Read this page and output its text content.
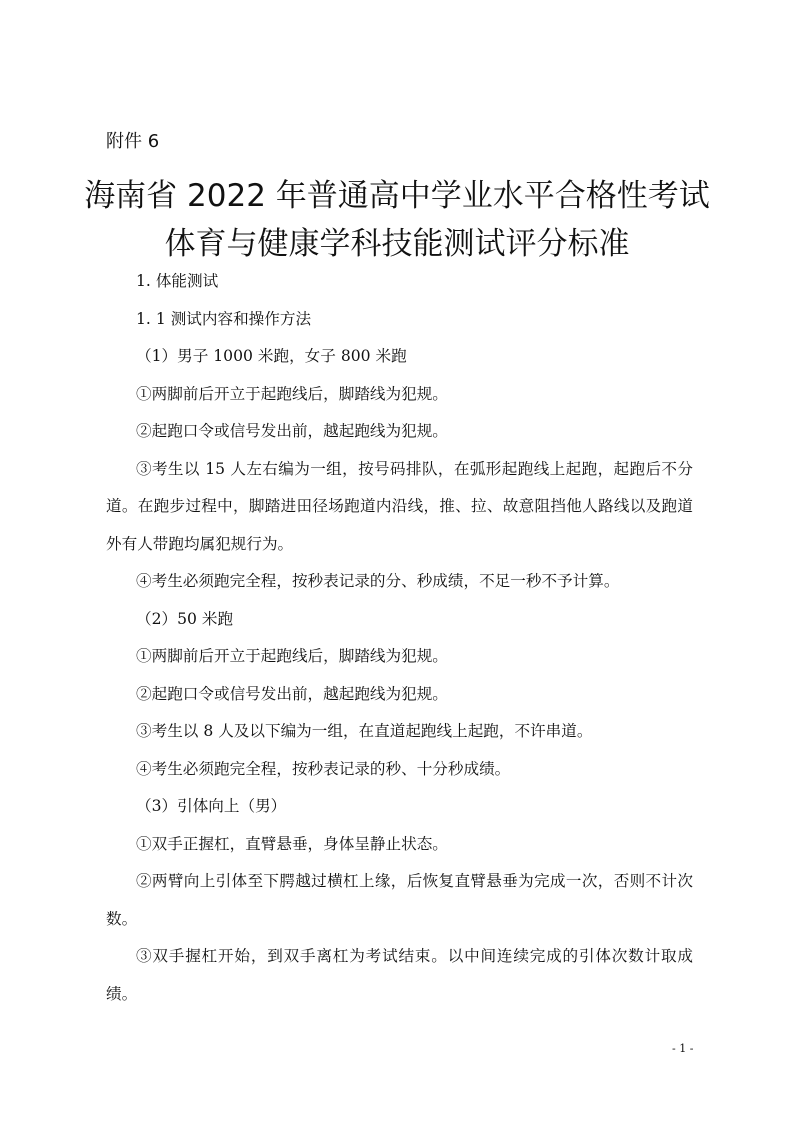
附件 6
海南省 2022 年普通高中学业水平合格性考试
体育与健康学科技能测试评分标准

1. 体能测试

1. 1 测试内容和操作方法

（1）男子 1000 米跑，女子 800 米跑

①两脚前后开立于起跑线后，脚踏线为犯规。

②起跑口令或信号发出前，越起跑线为犯规。

③考生以 15 人左右编为一组，按号码排队，在弧形起跑线上起跑，起跑后不分道。在跑步过程中，脚踏进田径场跑道内沿线，推、拉、故意阻挡他人路线以及跑道外有人带跑均属犯规行为。

④考生必须跑完全程，按秒表记录的分、秒成绩，不足一秒不予计算。

（2）50 米跑

①两脚前后开立于起跑线后，脚踏线为犯规。

②起跑口令或信号发出前，越起跑线为犯规。

③考生以 8 人及以下编为一组，在直道起跑线上起跑，不许串道。

④考生必须跑完全程，按秒表记录的秒、十分秒成绩。

（3）引体向上（男）

①双手正握杠，直臂悬垂，身体呈静止状态。

②两臂向上引体至下腭越过横杠上缘，后恢复直臂悬垂为完成一次，否则不计次数。

③双手握杠开始，到双手离杠为考试结束。以中间连续完成的引体次数计取成绩。

- 1 -
